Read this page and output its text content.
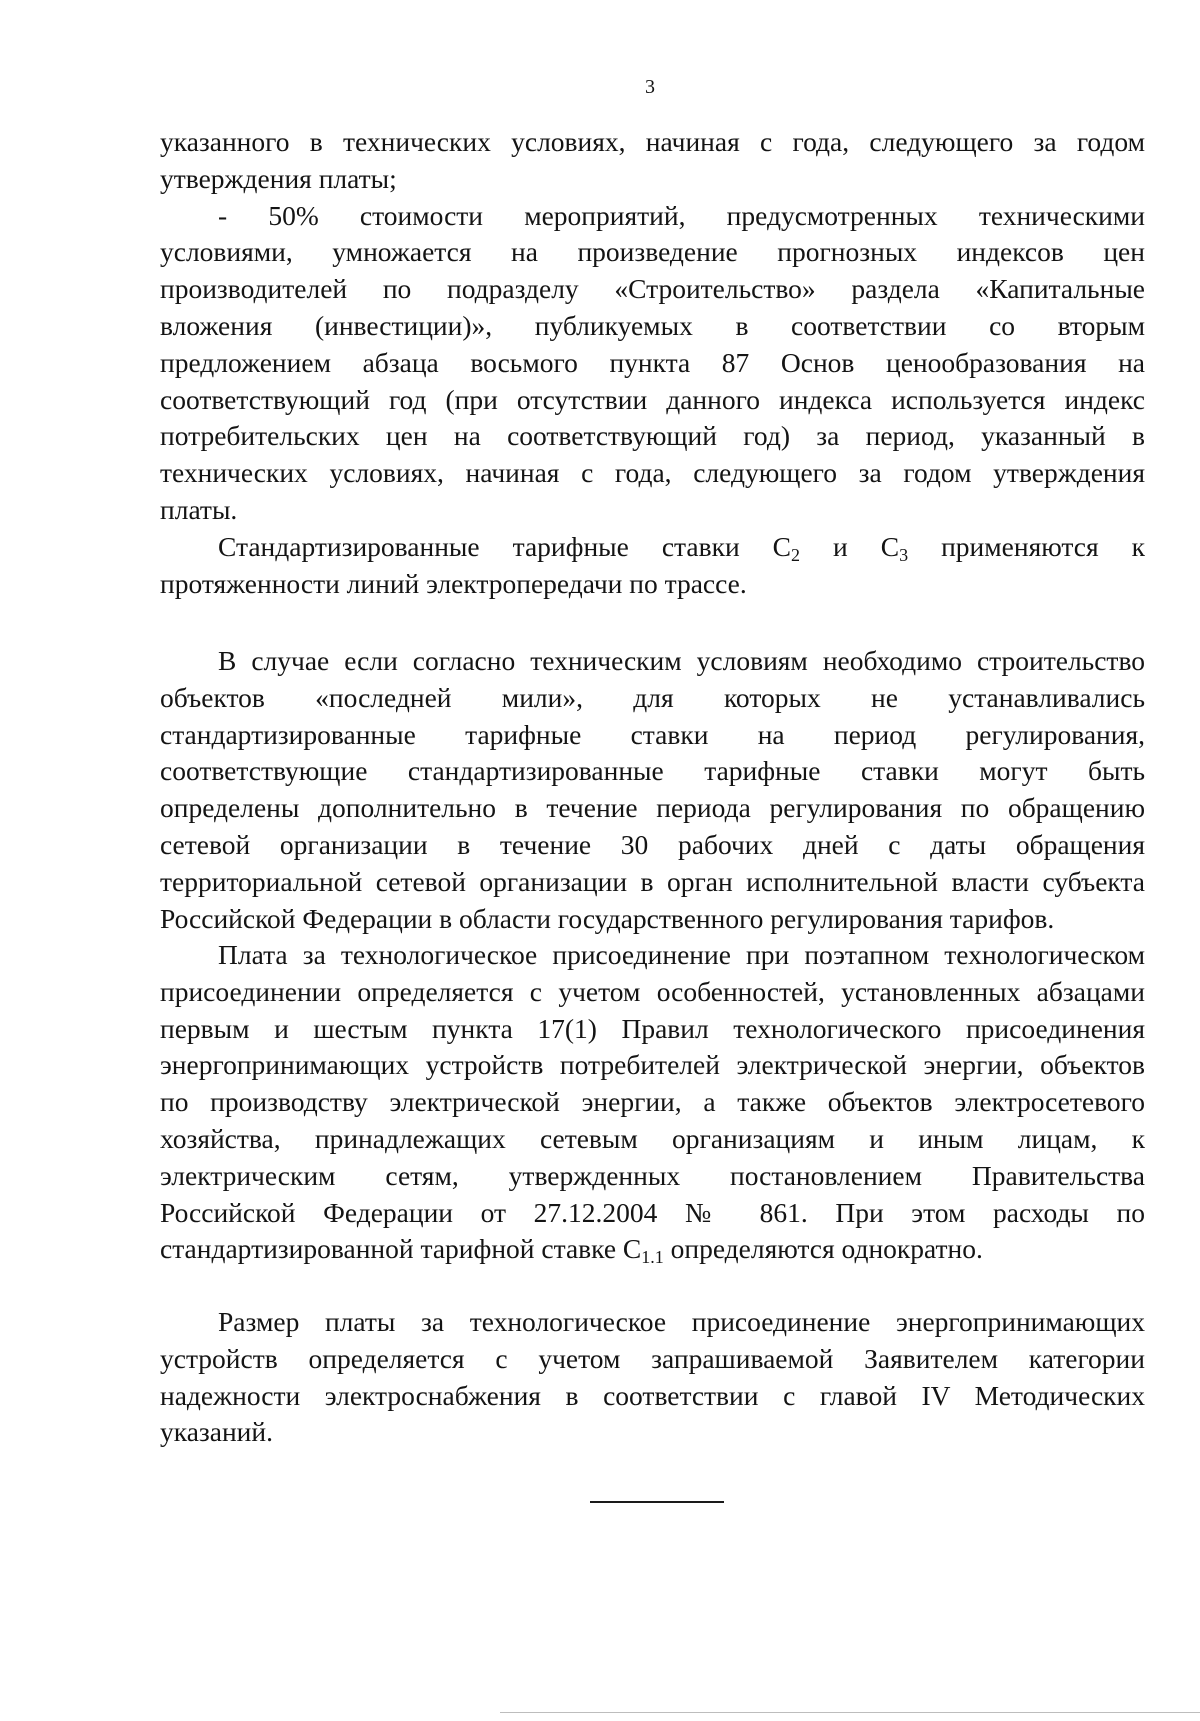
3
указанного в технических условиях, начиная с года, следующего за годом
утверждения платы;
- 50% стоимости мероприятий, предусмотренных техническими
условиями, умножается на произведение прогнозных индексов цен
производителей по подразделу «Строительство» раздела «Капитальные
вложения (инвестиции)», публикуемых в соответствии со вторым
предложением абзаца восьмого пункта 87 Основ ценообразования на
соответствующий год (при отсутствии данного индекса используется индекс
потребительских цен на соответствующий год) за период, указанный в
технических условиях, начиная с года, следующего за годом утверждения
платы.
Стандартизированные тарифные ставки $С_2$ и $С_3$ применяются к
протяженности линий электропередачи по трассе.
В случае если согласно техническим условиям необходимо строительство
объектов «последней мили», для которых не устанавливались
стандартизированные тарифные ставки на период регулирования,
соответствующие стандартизированные тарифные ставки могут быть
определены дополнительно в течение периода регулирования по обращению
сетевой организации в течение 30 рабочих дней с даты обращения
территориальной сетевой организации в орган исполнительной власти субъекта
Российской Федерации в области государственного регулирования тарифов.
Плата за технологическое присоединение при поэтапном технологическом
присоединении определяется с учетом особенностей, установленных абзацами
первым и шестым пункта 17(1) Правил технологического присоединения
энергопринимающих устройств потребителей электрической энергии, объектов
по производству электрической энергии, а также объектов электросетевого
хозяйства, принадлежащих сетевым организациям и иным лицам, к
электрическим сетям, утвержденных постановлением Правительства
Российской Федерации от 27.12.2004 № 861. При этом расходы по
стандартизированной тарифной ставке $С_{1.1}$ определяются однократно.
Размер платы за технологическое присоединение энергопринимающих
устройств определяется с учетом запрашиваемой Заявителем категории
надежности электроснабжения в соответствии с главой IV Методических
указаний.
